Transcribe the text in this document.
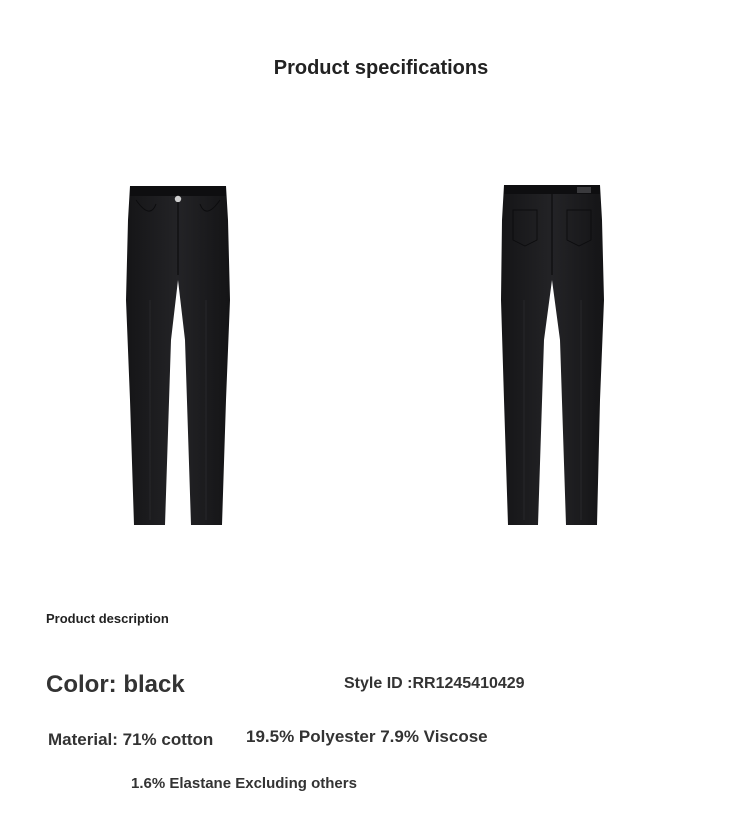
Product specifications
Product description
Color: black	Style ID :RR1245410429
Material: 71% cotton 19.5% Polyester 7.9% Viscose
1.6% Elastane Excluding others
